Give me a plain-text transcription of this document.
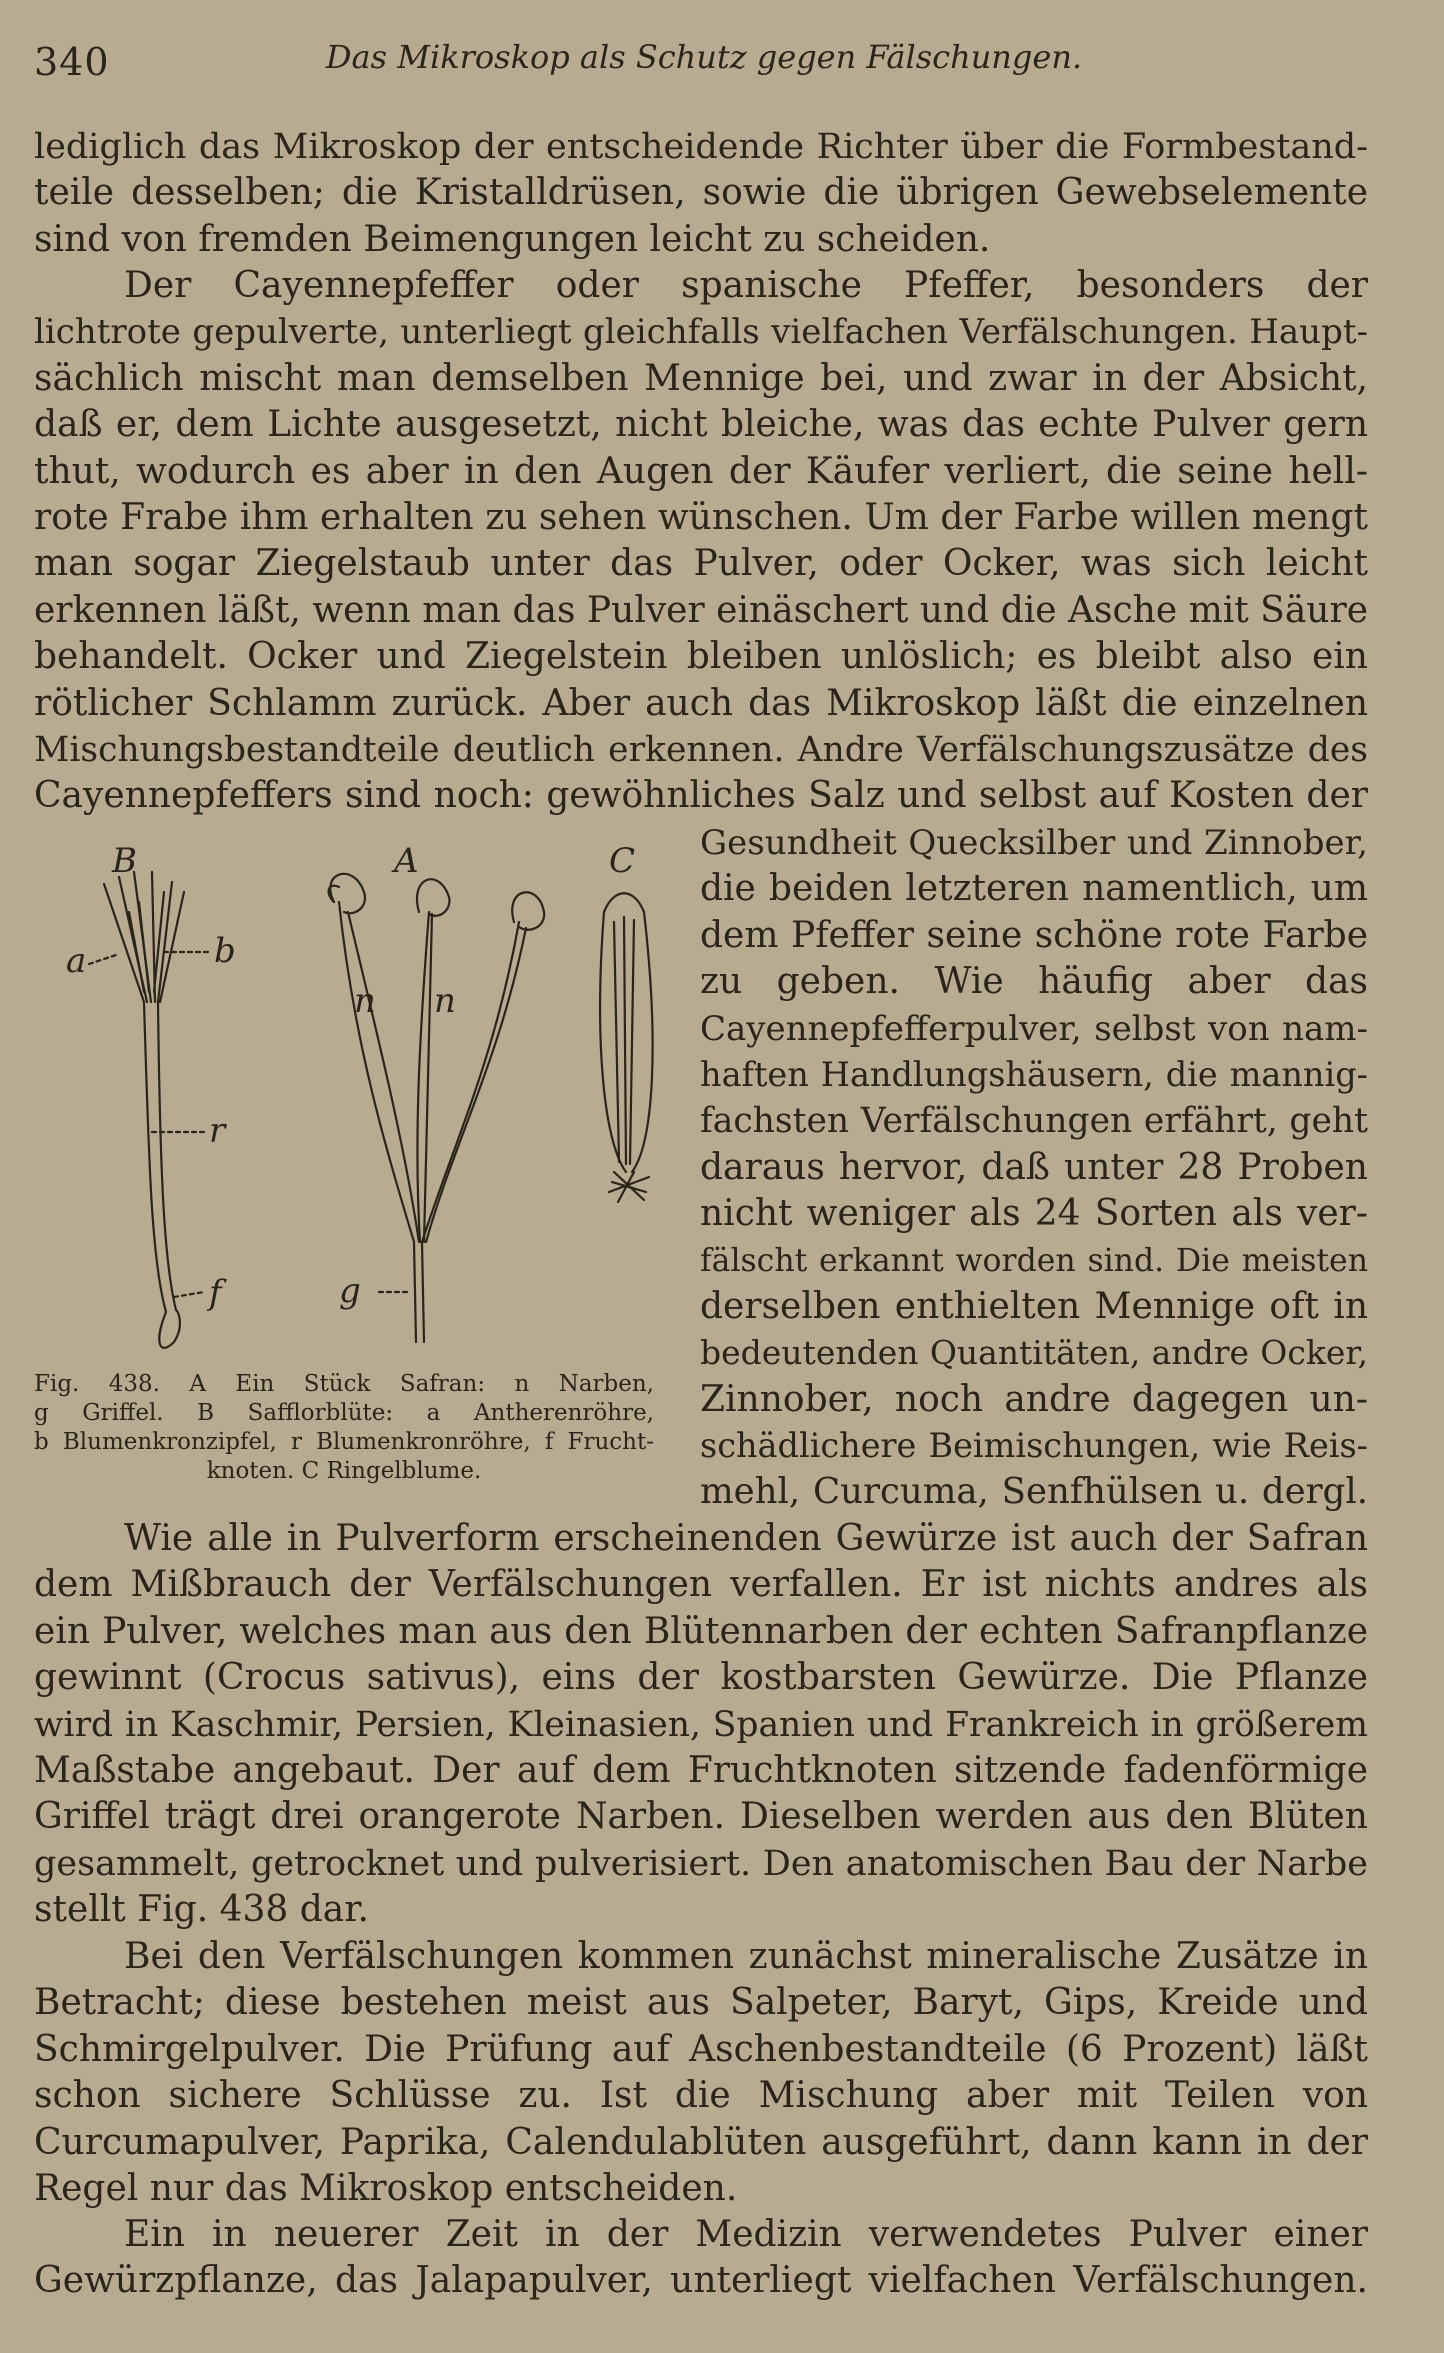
340	Das Mikroskop als Schutz gegen Fälschungen.
lediglich das Mikroskop der entscheidende Richter über die Formbestand-
teile desselben; die Kristalldrüsen, sowie die übrigen Gewebselemente
sind von fremden Beimengungen leicht zu scheiden.
Der Cayennepfeffer oder spanische Pfeffer, besonders der
lichtrote gepulverte, unterliegt gleichfalls vielfachen Verfälschungen. Haupt-
sächlich mischt man demselben Mennige bei, und zwar in der Absicht,
daß er, dem Lichte ausgesetzt, nicht bleiche, was das echte Pulver gern
thut, wodurch es aber in den Augen der Käufer verliert, die seine hell-
rote Frabe ihm erhalten zu sehen wünschen. Um der Farbe willen mengt
man sogar Ziegelstaub unter das Pulver, oder Ocker, was sich leicht
erkennen läßt, wenn man das Pulver einäschert und die Asche mit Säure
behandelt. Ocker und Ziegelstein bleiben unlöslich; es bleibt also ein
rötlicher Schlamm zurück. Aber auch das Mikroskop läßt die einzelnen
Mischungsbestandteile deutlich erkennen. Andre Verfälschungszusätze des
Cayennepfeffers sind noch: gewöhnliches Salz und selbst auf Kosten der
Gesundheit Quecksilber und Zinnober,
die beiden letzteren namentlich, um
dem Pfeffer seine schöne rote Farbe
zu geben. Wie häufig aber das
Cayennepfefferpulver, selbst von nam-
haften Handlungshäusern, die mannig-
fachsten Verfälschungen erfährt, geht
daraus hervor, daß unter 28 Proben
nicht weniger als 24 Sorten als ver-
fälscht erkannt worden sind. Die meisten
derselben enthielten Mennige oft in
bedeutenden Quantitäten, andre Ocker,
Zinnober, noch andre dagegen un-
schädlichere Beimischungen, wie Reis-
mehl, Curcuma, Senfhülsen u. dergl.
B	A	C
a	b
r
f
n n
g
Fig. 438. A Ein Stück Safran: n Narben,
g Griffel. B Safflorblüte: a Antherenröhre,
b Blumenkronzipfel, r Blumenkronröhre, f Frucht-
knoten. C Ringelblume.
Wie alle in Pulverform erscheinenden Gewürze ist auch der Safran
dem Mißbrauch der Verfälschungen verfallen. Er ist nichts andres als
ein Pulver, welches man aus den Blütennarben der echten Safranpflanze
gewinnt (Crocus sativus), eins der kostbarsten Gewürze. Die Pflanze
wird in Kaschmir, Persien, Kleinasien, Spanien und Frankreich in größerem
Maßstabe angebaut. Der auf dem Fruchtknoten sitzende fadenförmige
Griffel trägt drei orangerote Narben. Dieselben werden aus den Blüten
gesammelt, getrocknet und pulverisiert. Den anatomischen Bau der Narbe
stellt Fig. 438 dar.
Bei den Verfälschungen kommen zunächst mineralische Zusätze in
Betracht; diese bestehen meist aus Salpeter, Baryt, Gips, Kreide und
Schmirgelpulver. Die Prüfung auf Aschenbestandteile (6 Prozent) läßt
schon sichere Schlüsse zu. Ist die Mischung aber mit Teilen von
Curcumapulver, Paprika, Calendulablüten ausgeführt, dann kann in der
Regel nur das Mikroskop entscheiden.
Ein in neuerer Zeit in der Medizin verwendetes Pulver einer
Gewürzpflanze, das Jalapapulver, unterliegt vielfachen Verfälschungen.
